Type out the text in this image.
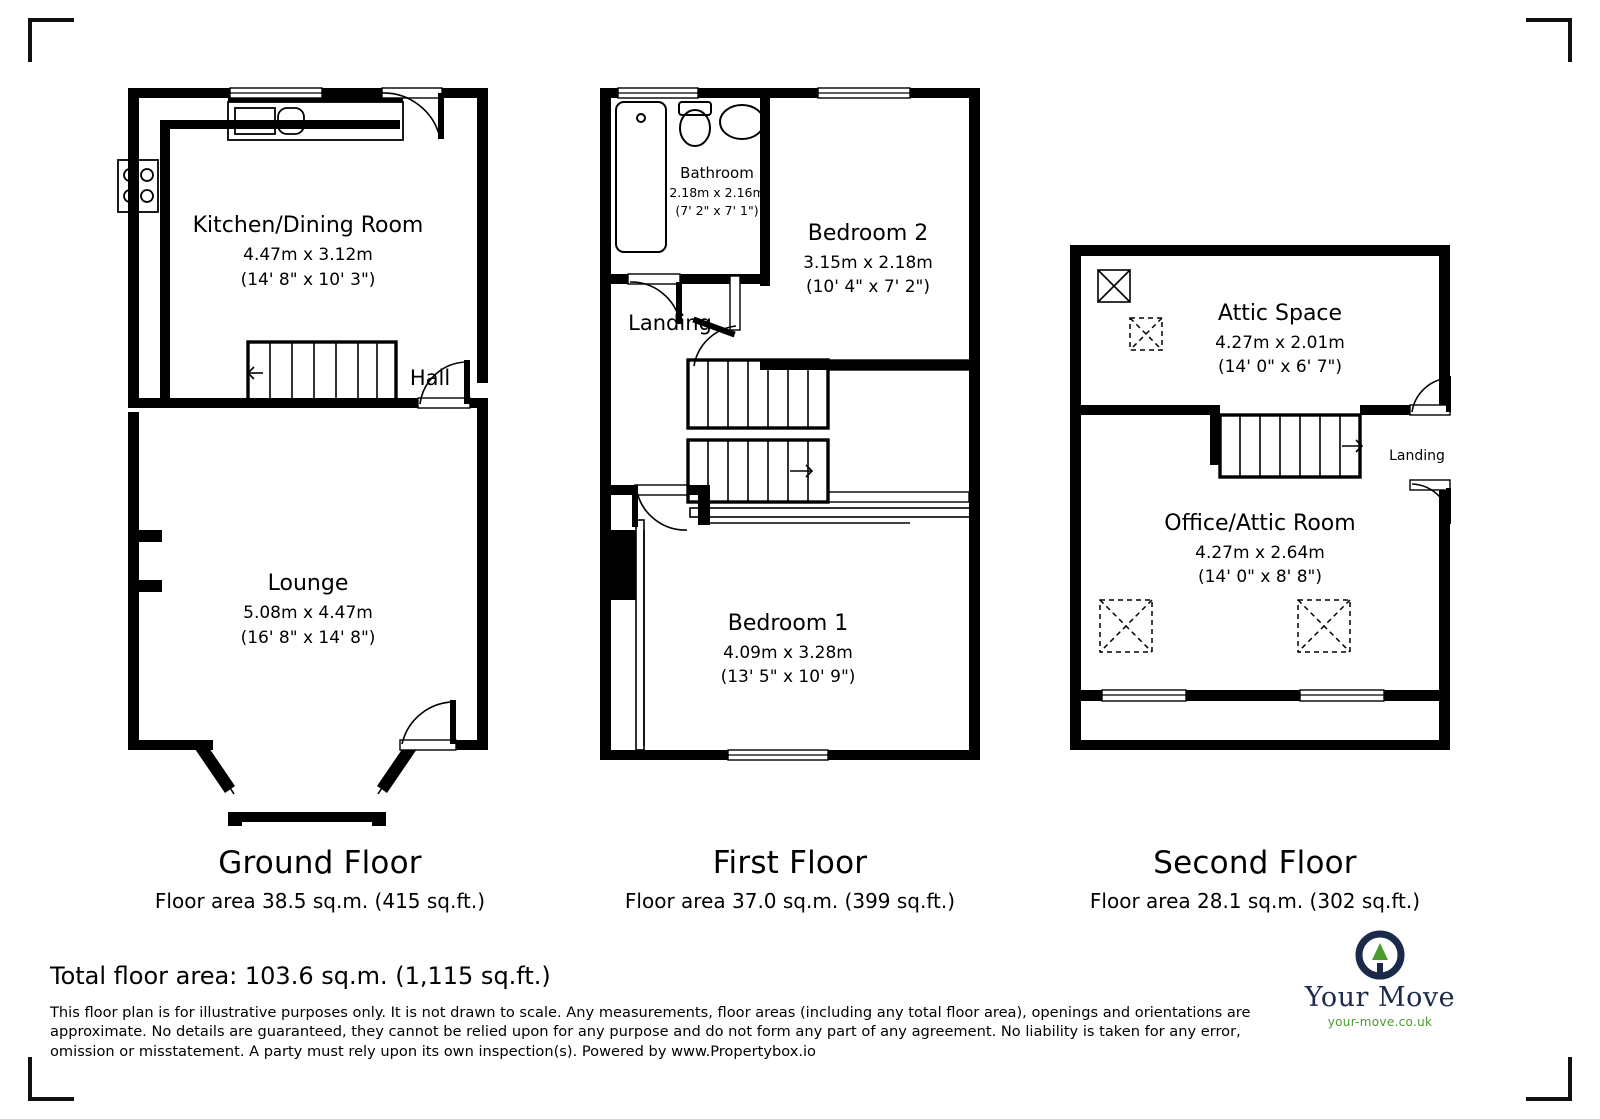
Kitchen/Dining Room
4.47m x 3.12m
(14' 8" x 10' 3")
Hall
Lounge
5.08m x 4.47m
(16' 8" x 14' 8")
Bathroom
2.18m x 2.16m
(7' 2" x 7' 1")
Bedroom 2
3.15m x 2.18m
(10' 4" x 7' 2")
Landing
Bedroom 1
4.09m x 3.28m
(13' 5" x 10' 9")
Attic Space
4.27m x 2.01m
(14' 0" x 6' 7")
Landing
Office/Attic Room
4.27m x 2.64m
(14' 0" x 8' 8")
Ground Floor
Floor area 38.5 sq.m. (415 sq.ft.)
First Floor
Floor area 37.0 sq.m. (399 sq.ft.)
Second Floor
Floor area 28.1 sq.m. (302 sq.ft.)
Total floor area: 103.6 sq.m. (1,115 sq.ft.)
This floor plan is for illustrative purposes only. It is not drawn to scale. Any measurements, floor areas (including any total floor area), openings and orientations are approximate. No details are guaranteed, they cannot be relied upon for any purpose and do not form any part of any agreement. No liability is taken for any error, omission or misstatement. A party must rely upon its own inspection(s). Powered by www.Propertybox.io
Your Move
your-move.co.uk
